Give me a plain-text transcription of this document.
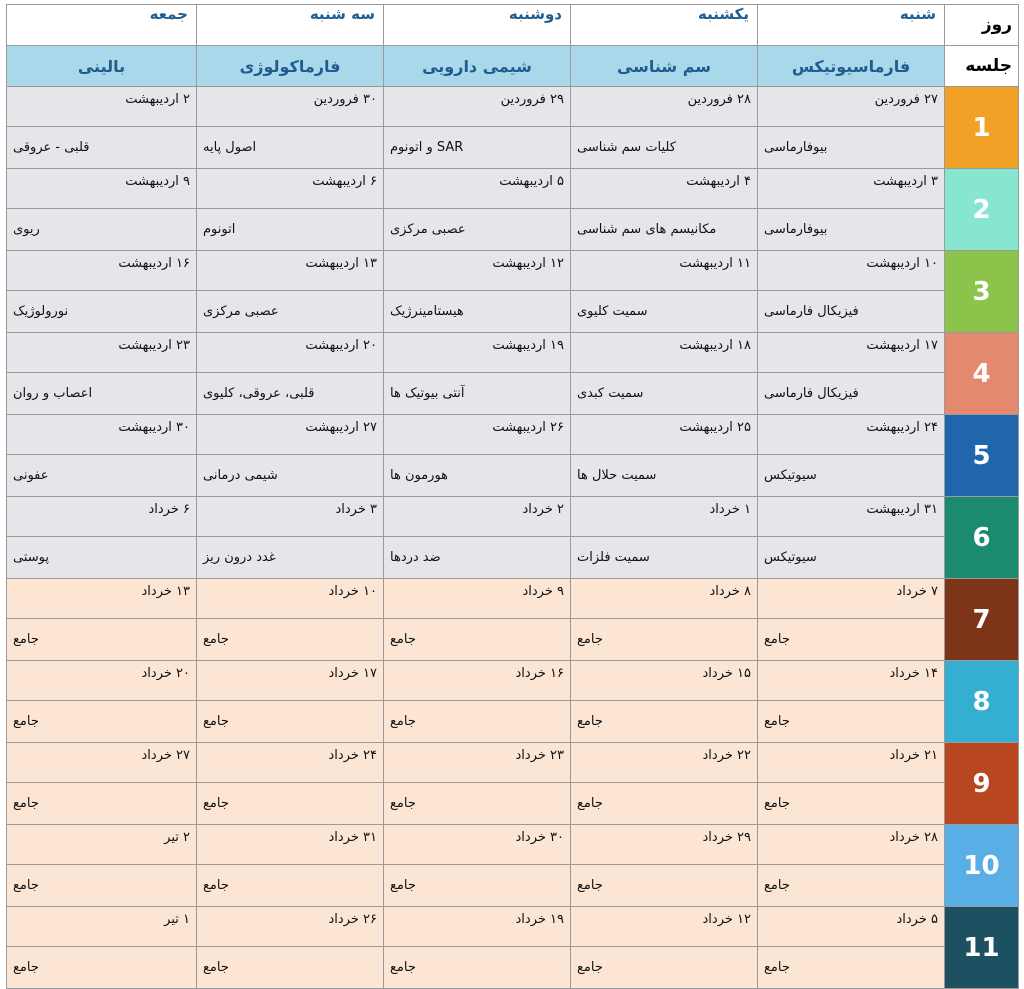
جمعه	سه شنبه	دوشنبه	یکشنبه	شنبه	روز
بالینی	فارماکولوژی	شیمی دارویی	سم شناسی	فارماسیوتیکس	جلسه
۲ اردیبهشت	۳۰ فروردین	۲۹ فروردین	۲۸ فروردین	۲۷ فروردین	1

قلبی - عروقی	اصول پایه	SAR و اتونوم	کلیات سم شناسی	بیوفارماسی	

۹ اردیبهشت	۶ اردیبهشت	۵ اردیبهشت	۴ اردیبهشت	۳ اردیبهشت	2

ریوی	اتونوم	عصبی مرکزی	مکانیسم های سم شناسی	بیوفارماسی	

۱۶ اردیبهشت	۱۳ اردیبهشت	۱۲ اردیبهشت	۱۱ اردیبهشت	۱۰ اردیبهشت	3

نورولوژیک	عصبی مرکزی	هیستامینرژیک	سمیت کلیوی	فیزیکال فارماسی	

۲۳ اردیبهشت	۲۰ اردیبهشت	۱۹ اردیبهشت	۱۸ اردیبهشت	۱۷ اردیبهشت	4

اعصاب و روان	قلبی، عروقی، کلیوی	آنتی بیوتیک ها	سمیت کبدی	فیزیکال فارماسی	

۳۰ اردیبهشت	۲۷ اردیبهشت	۲۶ اردیبهشت	۲۵ اردیبهشت	۲۴ اردیبهشت	5

عفونی	شیمی درمانی	هورمون ها	سمیت حلال ها	سیوتیکس	

۶ خرداد	۳ خرداد	۲ خرداد	۱ خرداد	۳۱ اردیبهشت	6

پوستی	غدد درون ریز	ضد دردها	سمیت فلزات	سیوتیکس	

۱۳ خرداد	۱۰ خرداد	۹ خرداد	۸ خرداد	۷ خرداد	7

جامع	جامع	جامع	جامع	جامع	

۲۰ خرداد	۱۷ خرداد	۱۶ خرداد	۱۵ خرداد	۱۴ خرداد	8

جامع	جامع	جامع	جامع	جامع	

۲۷ خرداد	۲۴ خرداد	۲۳ خرداد	۲۲ خرداد	۲۱ خرداد	9

جامع	جامع	جامع	جامع	جامع	

۲ تیر	۳۱ خرداد	۳۰ خرداد	۲۹ خرداد	۲۸ خرداد	10

جامع	جامع	جامع	جامع	جامع	

۱ تیر	۲۶ خرداد	۱۹ خرداد	۱۲ خرداد	۵ خرداد	11

جامع	جامع	جامع	جامع	جامع	
